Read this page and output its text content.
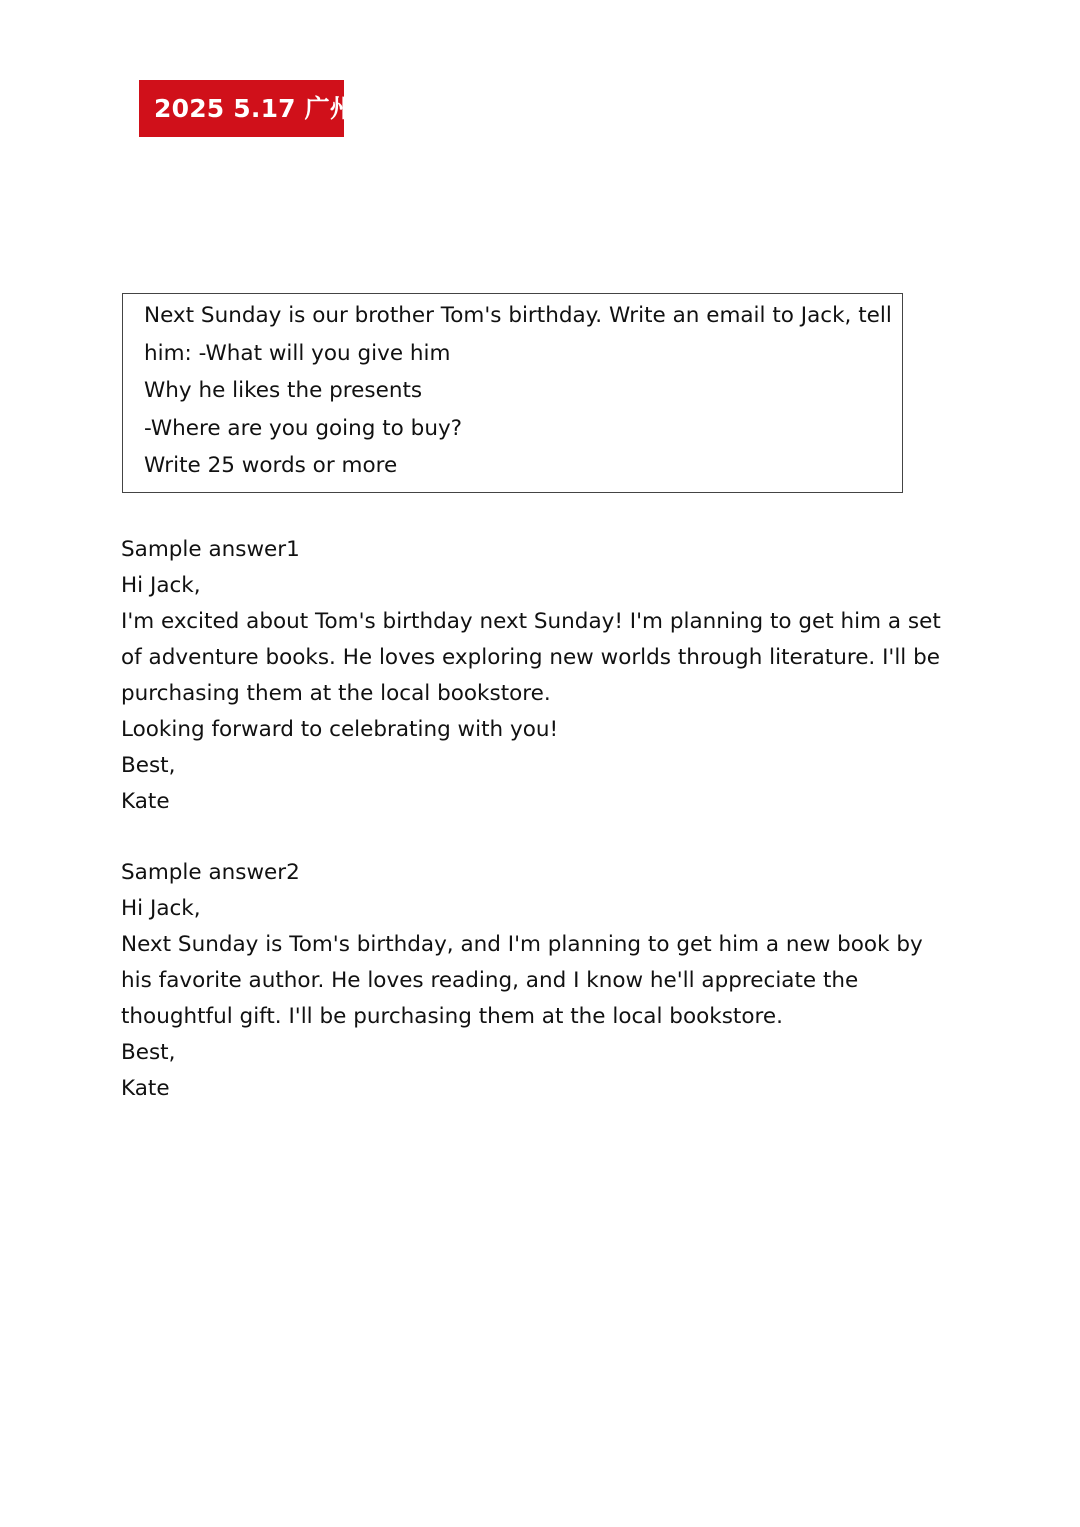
2025 5.17 广州
Next Sunday is our brother Tom's birthday. Write an email to Jack, tell
him: -What will you give him
Why he likes the presents
-Where are you going to buy?
Write 25 words or more
Sample answer1
Hi Jack,
I'm excited about Tom's birthday next Sunday! I'm planning to get him a set
of adventure books. He loves exploring new worlds through literature. I'll be
purchasing them at the local bookstore.
Looking forward to celebrating with you!
Best,
Kate
Sample answer2
Hi Jack,
Next Sunday is Tom's birthday, and I'm planning to get him a new book by
his favorite author. He loves reading, and I know he'll appreciate the
thoughtful gift. I'll be purchasing them at the local bookstore.
Best,
Kate
